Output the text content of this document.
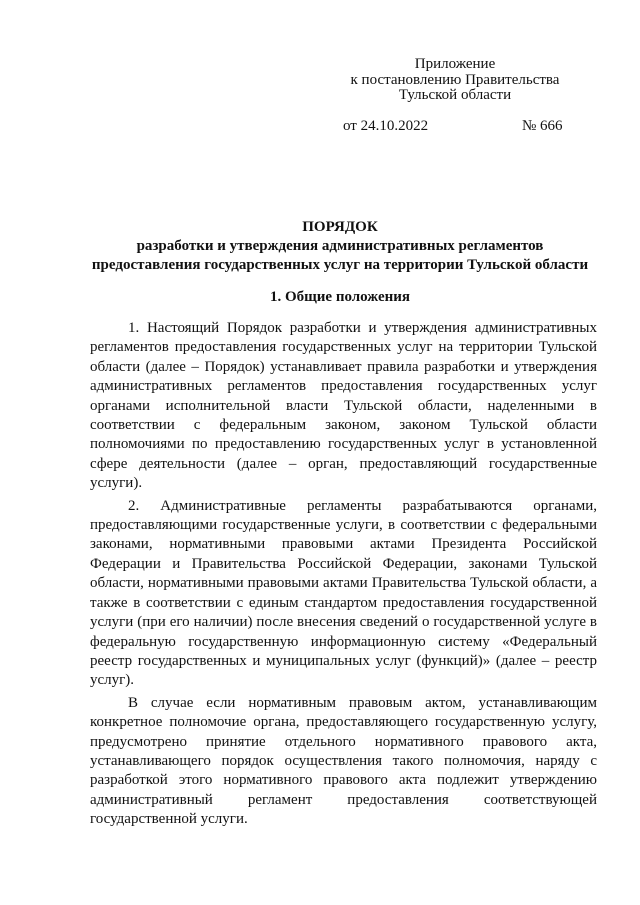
Приложение
к постановлению Правительства
Тульской области
от 24.10.2022	№ 666
ПОРЯДОК
разработки и утверждения административных регламентов
предоставления государственных услуг на территории Тульской области
1. Общие положения

1. Настоящий Порядок разработки и утверждения административных регламентов предоставления государственных услуг на территории Тульской области (далее – Порядок) устанавливает правила разработки и утверждения административных регламентов предоставления государственных услуг органами исполнительной власти Тульской области, наделенными в соответствии с федеральным законом, законом Тульской области полномочиями по предоставлению государственных услуг в установленной сфере деятельности (далее – орган, предоставляющий государственные услуги).

2. Административные регламенты разрабатываются органами, предоставляющими государственные услуги, в соответствии с федеральными законами, нормативными правовыми актами Президента Российской Федерации и Правительства Российской Федерации, законами Тульской области, нормативными правовыми актами Правительства Тульской области, а также в соответствии с единым стандартом предоставления государственной услуги (при его наличии) после внесения сведений о государственной услуге в федеральную государственную информационную систему «Федеральный реестр государственных и муниципальных услуг (функций)» (далее – реестр услуг).

В случае если нормативным правовым актом, устанавливающим конкретное полномочие органа, предоставляющего государственную услугу, предусмотрено принятие отдельного нормативного правового акта, устанавливающего порядок осуществления такого полномочия, наряду с разработкой этого нормативного правового акта подлежит утверждению административный регламент предоставления соответствующей государственной услуги.
